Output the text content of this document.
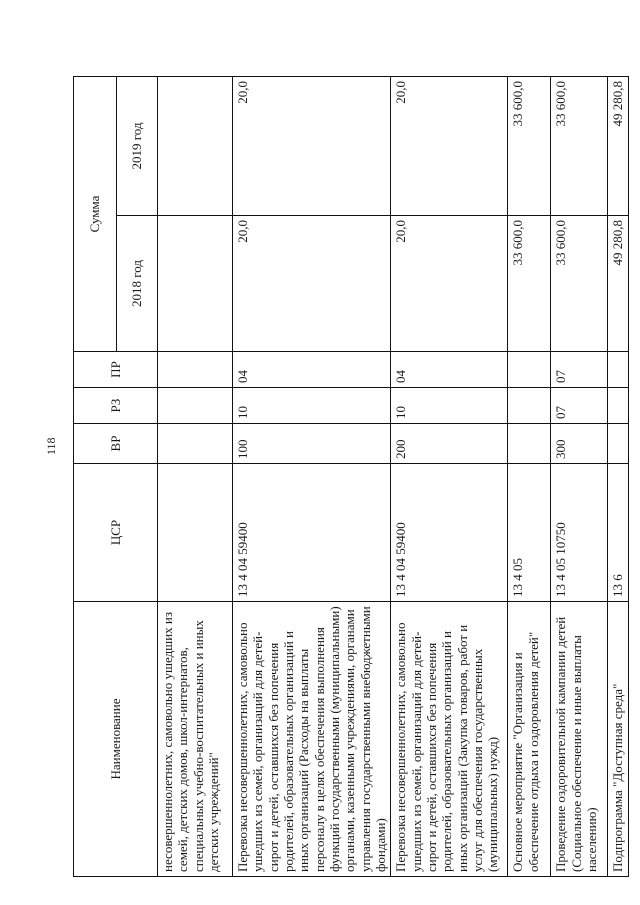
118
Наименование	ЦСР	ВР	РЗ	ПР	Сумма	
					2018 год	2019 год
несовершеннолетних, самовольно ушедших из семей, детских домов, школ-интернатов, специальных учебно-воспитательных и иных детских учреждений"						
Перевозка несовершеннолетних, самовольно ушедших из семей, организаций для детей-сирот и детей, оставшихся без попечения родителей, образовательных организаций и иных организаций (Расходы на выплаты персоналу в целях обеспечения выполнения функций государственными (муниципальными) органами, казенными учреждениями, органами управления государственными внебюджетными фондами)	13 4 04 59400	100	10	04	20,0	20,0
Перевозка несовершеннолетних, самовольно ушедших из семей, организаций для детей-сирот и детей, оставшихся без попечения родителей, образовательных организаций и иных организаций (Закупка товаров, работ и услуг для обеспечения государственных (муниципальных) нужд)	13 4 04 59400	200	10	04	20,0	20,0
Основное мероприятие "Организация и обеспечение отдыха и оздоровления детей"	13 4 05				33 600,0	33 600,0
Проведение оздоровительной кампании детей (Социальное обеспечение и иные выплаты населению)	13 4 05 10750	300	07	07	33 600,0	33 600,0
Подпрограмма "Доступная среда"	13 6				49 280,8	49 280,8
